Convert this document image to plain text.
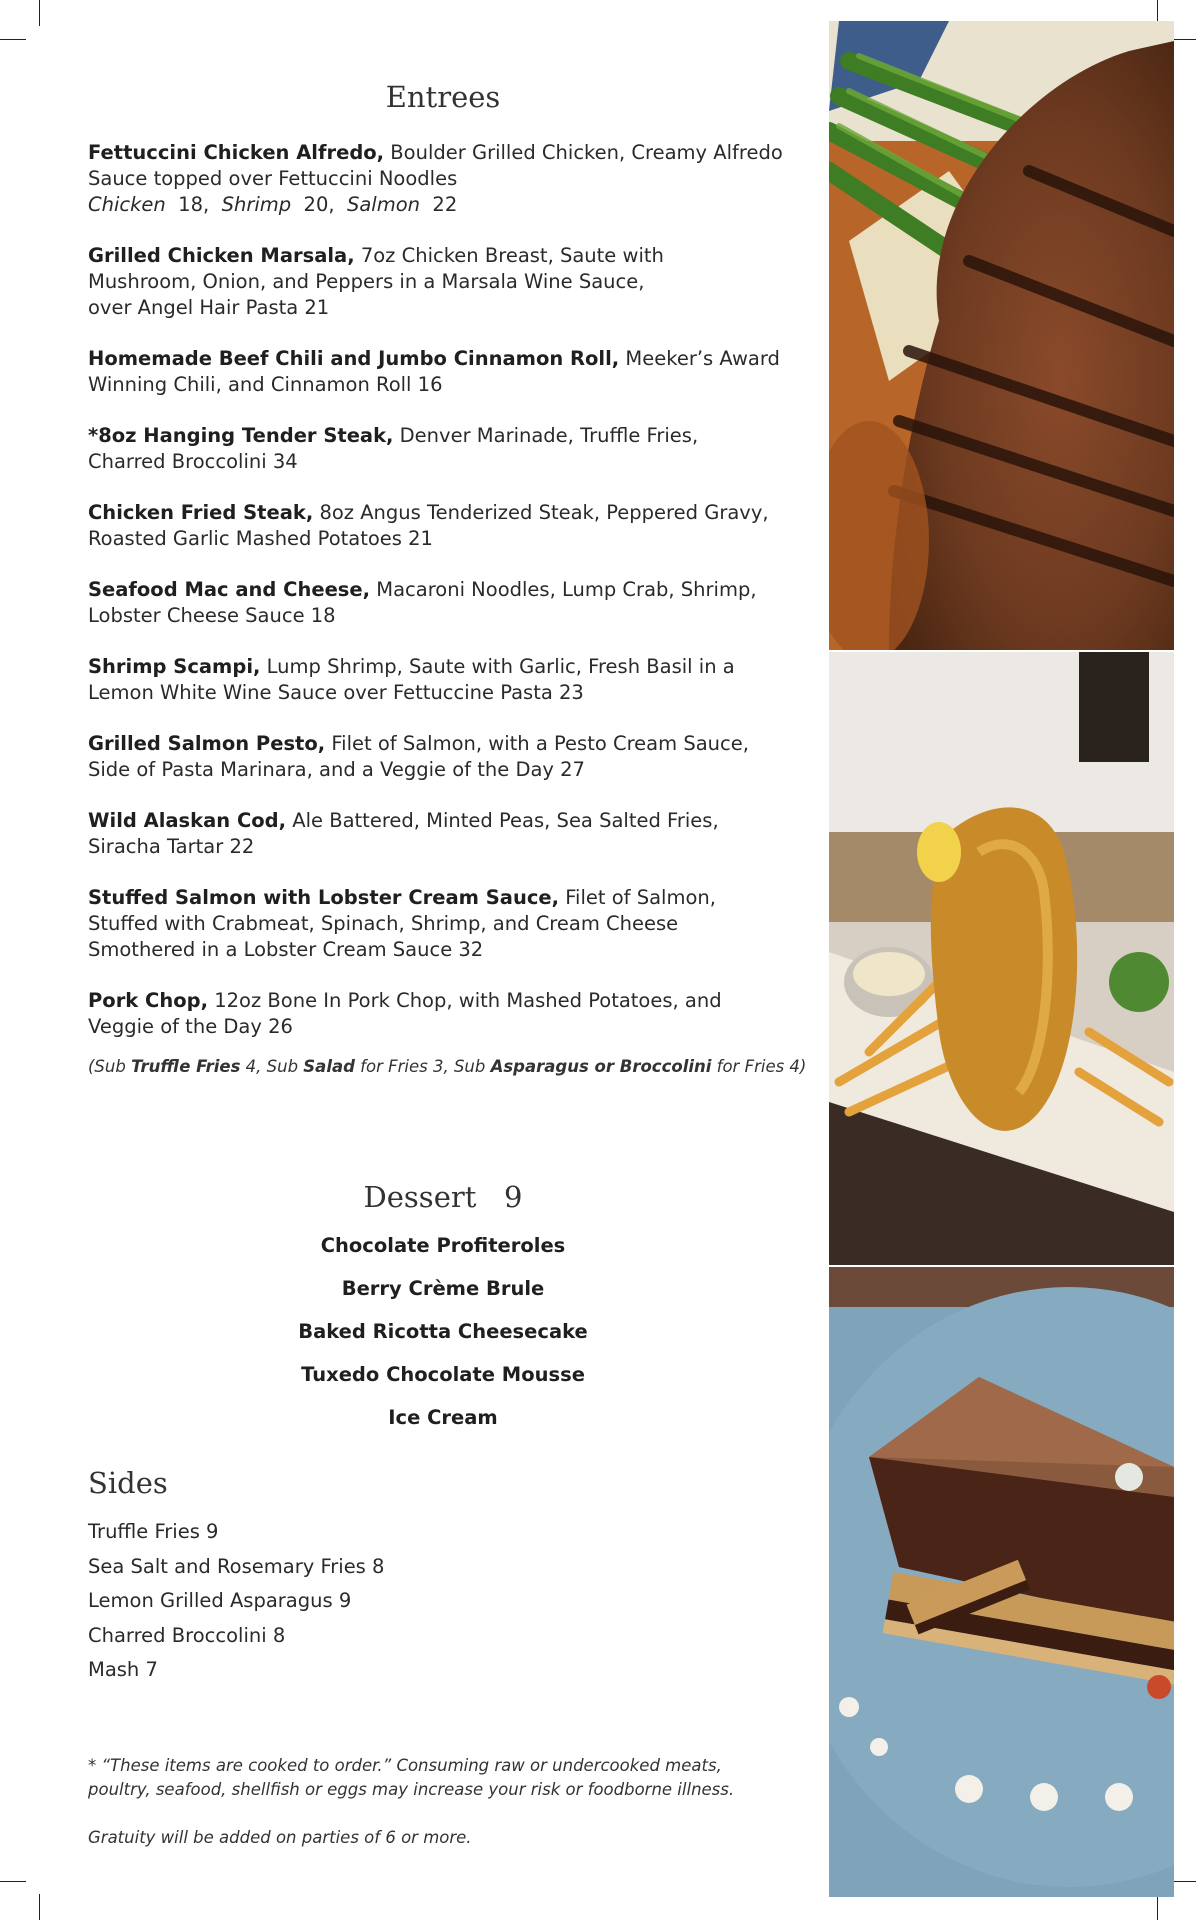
Entrees
Fettuccini Chicken Alfredo, Boulder Grilled Chicken, Creamy Alfredo
Sauce topped over Fettuccini Noodles
Chicken 18, Shrimp 20, Salmon 22
Grilled Chicken Marsala, 7oz Chicken Breast, Saute with
Mushroom, Onion, and Peppers in a Marsala Wine Sauce,
over Angel Hair Pasta 21
Homemade Beef Chili and Jumbo Cinnamon Roll, Meeker’s Award
Winning Chili, and Cinnamon Roll 16
*8oz Hanging Tender Steak, Denver Marinade, Truffle Fries,
Charred Broccolini 34
Chicken Fried Steak, 8oz Angus Tenderized Steak, Peppered Gravy,
Roasted Garlic Mashed Potatoes 21
Seafood Mac and Cheese, Macaroni Noodles, Lump Crab, Shrimp,
Lobster Cheese Sauce 18
Shrimp Scampi, Lump Shrimp, Saute with Garlic, Fresh Basil in a
Lemon White Wine Sauce over Fettuccine Pasta 23
Grilled Salmon Pesto, Filet of Salmon, with a Pesto Cream Sauce,
Side of Pasta Marinara, and a Veggie of the Day 27
Wild Alaskan Cod, Ale Battered, Minted Peas, Sea Salted Fries,
Siracha Tartar 22
Stuffed Salmon with Lobster Cream Sauce, Filet of Salmon,
Stuffed with Crabmeat, Spinach, Shrimp, and Cream Cheese
Smothered in a Lobster Cream Sauce 32
Pork Chop, 12oz Bone In Pork Chop, with Mashed Potatoes, and
Veggie of the Day 26
(Sub Truffle Fries 4, Sub Salad for Fries 3, Sub Asparagus or Broccolini for Fries 4)
Dessert   9
Chocolate Profiteroles
Berry Crème Brule
Baked Ricotta Cheesecake
Tuxedo Chocolate Mousse
Ice Cream
Sides
Truffle Fries 9
Sea Salt and Rosemary Fries 8
Lemon Grilled Asparagus 9
Charred Broccolini 8
Mash 7
* “These items are cooked to order.” Consuming raw or undercooked meats,
poultry, seafood, shellfish or eggs may increase your risk or foodborne illness.
Gratuity will be added on parties of 6 or more.
